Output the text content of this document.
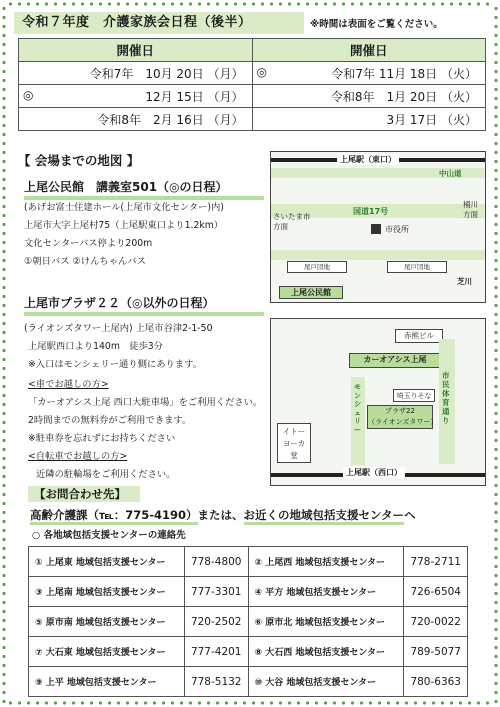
令和７年度　介護家族会日程（後半）	※時間は表面をご覧ください。
開催日	開催日

令和7年　10月 20日 （月）	◎ 令和7年 11月 18日 （火）

◎ 12月 15日 （月）	令和8年　1月 20日 （火）

令和8年　2月 16日 （月）	3月 17日 （火）
【 会場までの地図 】
上尾公民館　講義室501（◎の日程）
(あげお富士住建ホール(上尾市文化センター)内)
上尾市大字上尾村75（上尾駅東口より1.2km）
文化センターバス停より200m
①朝日バス ②けんちゃんバス
上尾駅（東口）
中山道
国道17号
さいたま市
方面
桶川
方面
市役所
尾戸団地	尾戸団地
芝川
上尾公民館
上尾市プラザ２２（◎以外の日程）
(ライオンズタワー上尾内) 上尾市谷津2-1-50
上尾駅西口より140m　徒歩3分
※入口はモンシェリー通り側にあります。
<車でお越しの方>
「カーオアシス上尾 西口大駐車場」をご利用ください。
2時間までの無料券がご利用できます。
※駐車券を忘れずにお持ちください
<自転車でお越しの方>
近隣の駐輪場をご利用ください。
赤熊ビル
カーオアシス上尾
市民体育通り
モンシェリー
埼玉りそな
プラザ22
（ライオンズタワー）
イトー
ヨーカ
堂
上尾駅（西口）
【お問合わせ先】
高齢介護課（℡：775-4190）または、お近くの地域包括支援センターへ
○ 各地域包括支援センターの連絡先
① 上尾東 地域包括支援センター	778-4800	② 上尾西 地域包括支援センター	778-2711
③ 上尾南 地域包括支援センター	777-3301	④ 平方 地域包括支援センター	726-6504
⑤ 原市南 地域包括支援センター	720-2502	⑥ 原市北 地域包括支援センター	720-0022
⑦ 大石東 地域包括支援センター	777-4201	⑧ 大石西 地域包括支援センター	789-5077
⑨ 上平 地域包括支援センター	778-5132	⑩ 大谷 地域包括支援センター	780-6363
